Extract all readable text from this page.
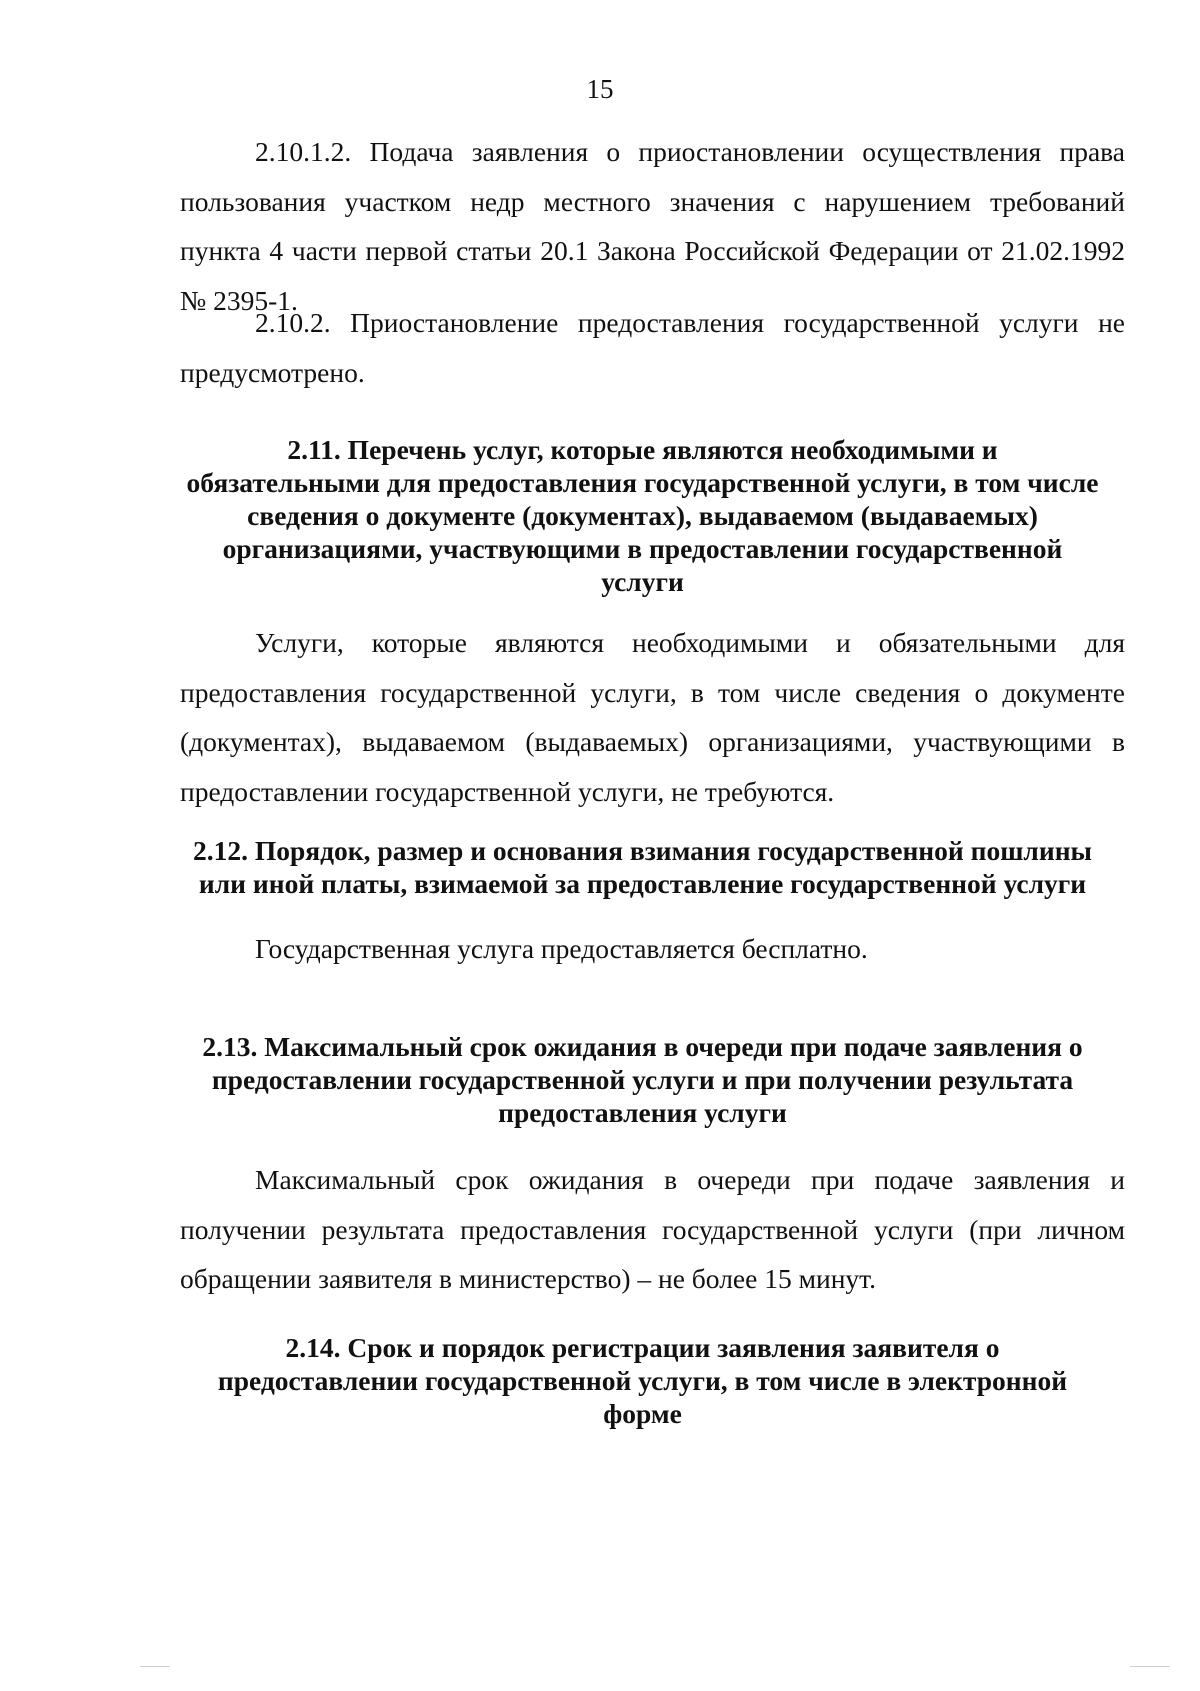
15

2.10.1.2. Подача заявления о приостановлении осуществления права пользования участком недр местного значения с нарушением требований пункта 4 части первой статьи 20.1 Закона Российской Федерации от 21.02.1992 № 2395-1.

2.10.2. Приостановление предоставления государственной услуги не предусмотрено.

2.11. Перечень услуг, которые являются необходимыми и
обязательными для предоставления государственной услуги, в том числе
сведения о документе (документах), выдаваемом (выдаваемых)
организациями, участвующими в предоставлении государственной
услуги

Услуги, которые являются необходимыми и обязательными для предоставления государственной услуги, в том числе сведения о документе (документах), выдаваемом (выдаваемых) организациями, участвующими в предоставлении государственной услуги, не требуются.

2.12. Порядок, размер и основания взимания государственной пошлины
или иной платы, взимаемой за предоставление государственной услуги
Государственная услуга предоставляется бесплатно.
2.13. Максимальный срок ожидания в очереди при подаче заявления о
предоставлении государственной услуги и при получении результата
предоставления услуги

Максимальный срок ожидания в очереди при подаче заявления и получении результата предоставления государственной услуги (при личном обращении заявителя в министерство) – не более 15 минут.

2.14. Срок и порядок регистрации заявления заявителя о
предоставлении государственной услуги, в том числе в электронной
форме
